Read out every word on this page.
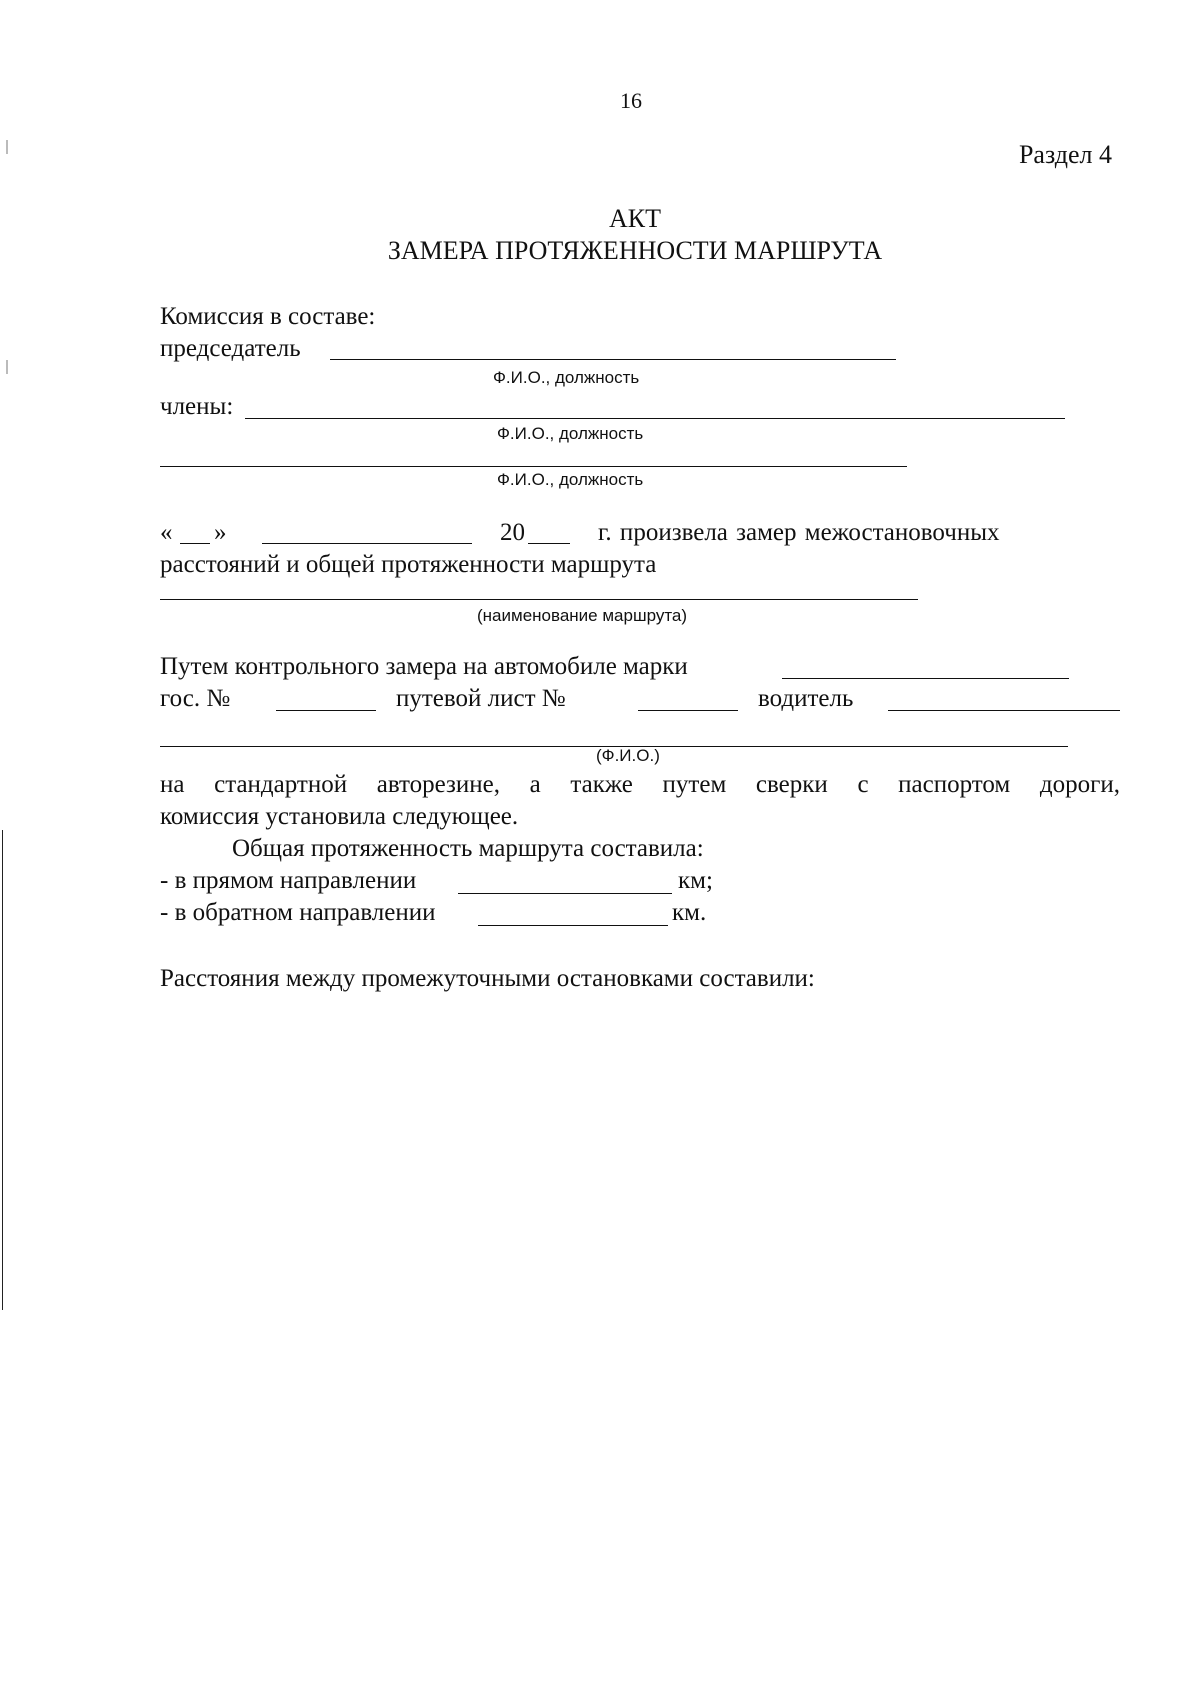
16
Раздел 4
АКТ
ЗАМЕРА ПРОТЯЖЕННОСТИ МАРШРУТА
Комиссия в составе:
председатель
Ф.И.О., должность
члены:
Ф.И.О., должность
Ф.И.О., должность
« »	20	г. произвела замер межостановочных
расстояний и общей протяженности маршрута
(наименование маршрута)
Путем контрольного замера на автомобиле марки
гос. №	путевой лист №	водитель
(Ф.И.О.)
на стандартной авторезине, а также путем сверки с паспортом дороги,
комиссия установила следующее.
Общая протяженность маршрута составила:
- в прямом направлении	км;
- в обратном направлении	км.
Расстояния между промежуточными остановками составили:
